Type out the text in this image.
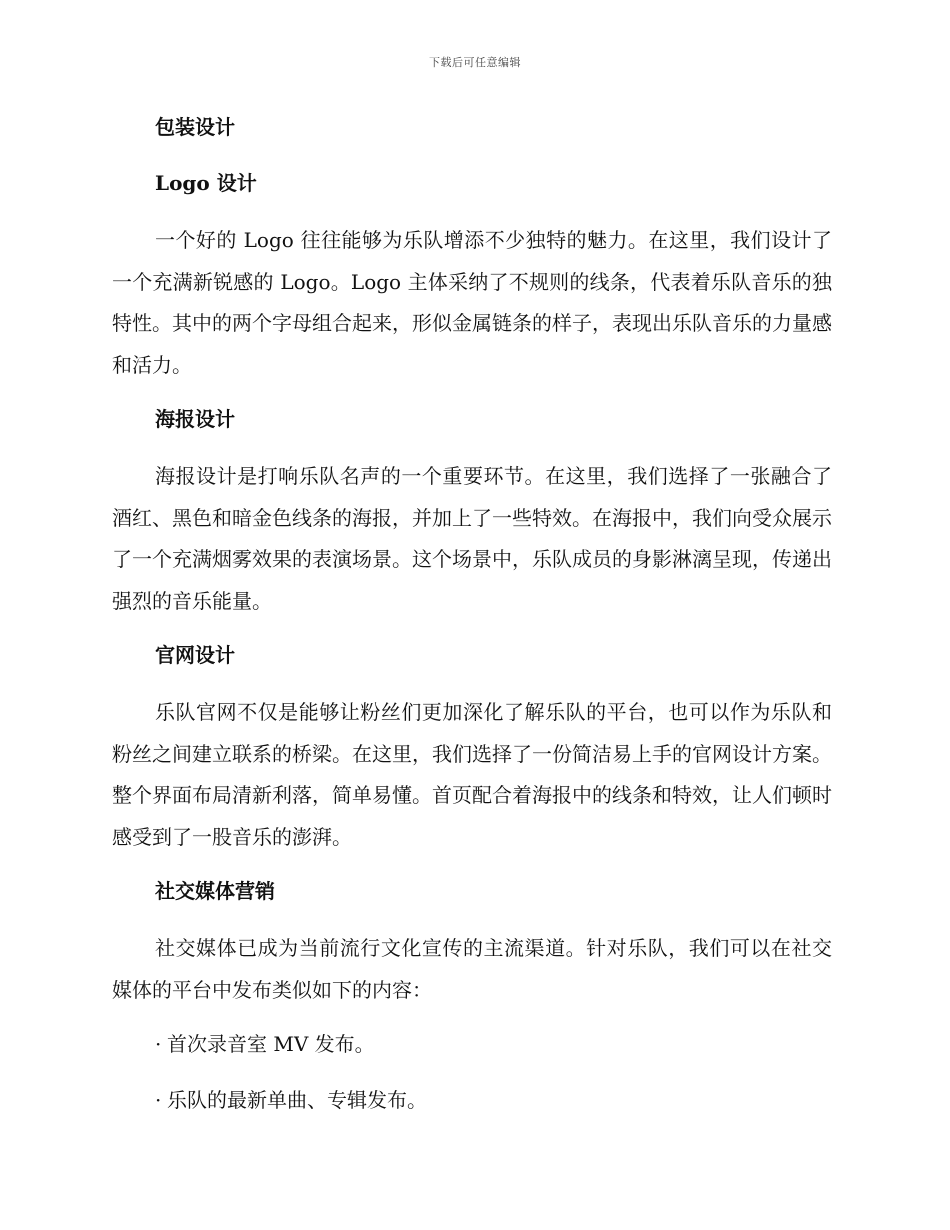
下载后可任意编辑
包装设计
Logo 设计
一个好的 Logo 往往能够为乐队增添不少独特的魅力。在这里，我们设计了一个充满新锐感的 Logo。Logo 主体采纳了不规则的线条，代表着乐队音乐的独特性。其中的两个字母组合起来，形似金属链条的样子，表现出乐队音乐的力量感和活力。
海报设计
海报设计是打响乐队名声的一个重要环节。在这里，我们选择了一张融合了酒红、黑色和暗金色线条的海报，并加上了一些特效。在海报中，我们向受众展示了一个充满烟雾效果的表演场景。这个场景中，乐队成员的身影淋漓呈现，传递出强烈的音乐能量。
官网设计
乐队官网不仅是能够让粉丝们更加深化了解乐队的平台，也可以作为乐队和粉丝之间建立联系的桥梁。在这里，我们选择了一份简洁易上手的官网设计方案。整个界面布局清新利落，简单易懂。首页配合着海报中的线条和特效，让人们顿时感受到了一股音乐的澎湃。
社交媒体营销
社交媒体已成为当前流行文化宣传的主流渠道。针对乐队，我们可以在社交媒体的平台中发布类似如下的内容：
· 首次录音室 MV 发布。
· 乐队的最新单曲、专辑发布。
